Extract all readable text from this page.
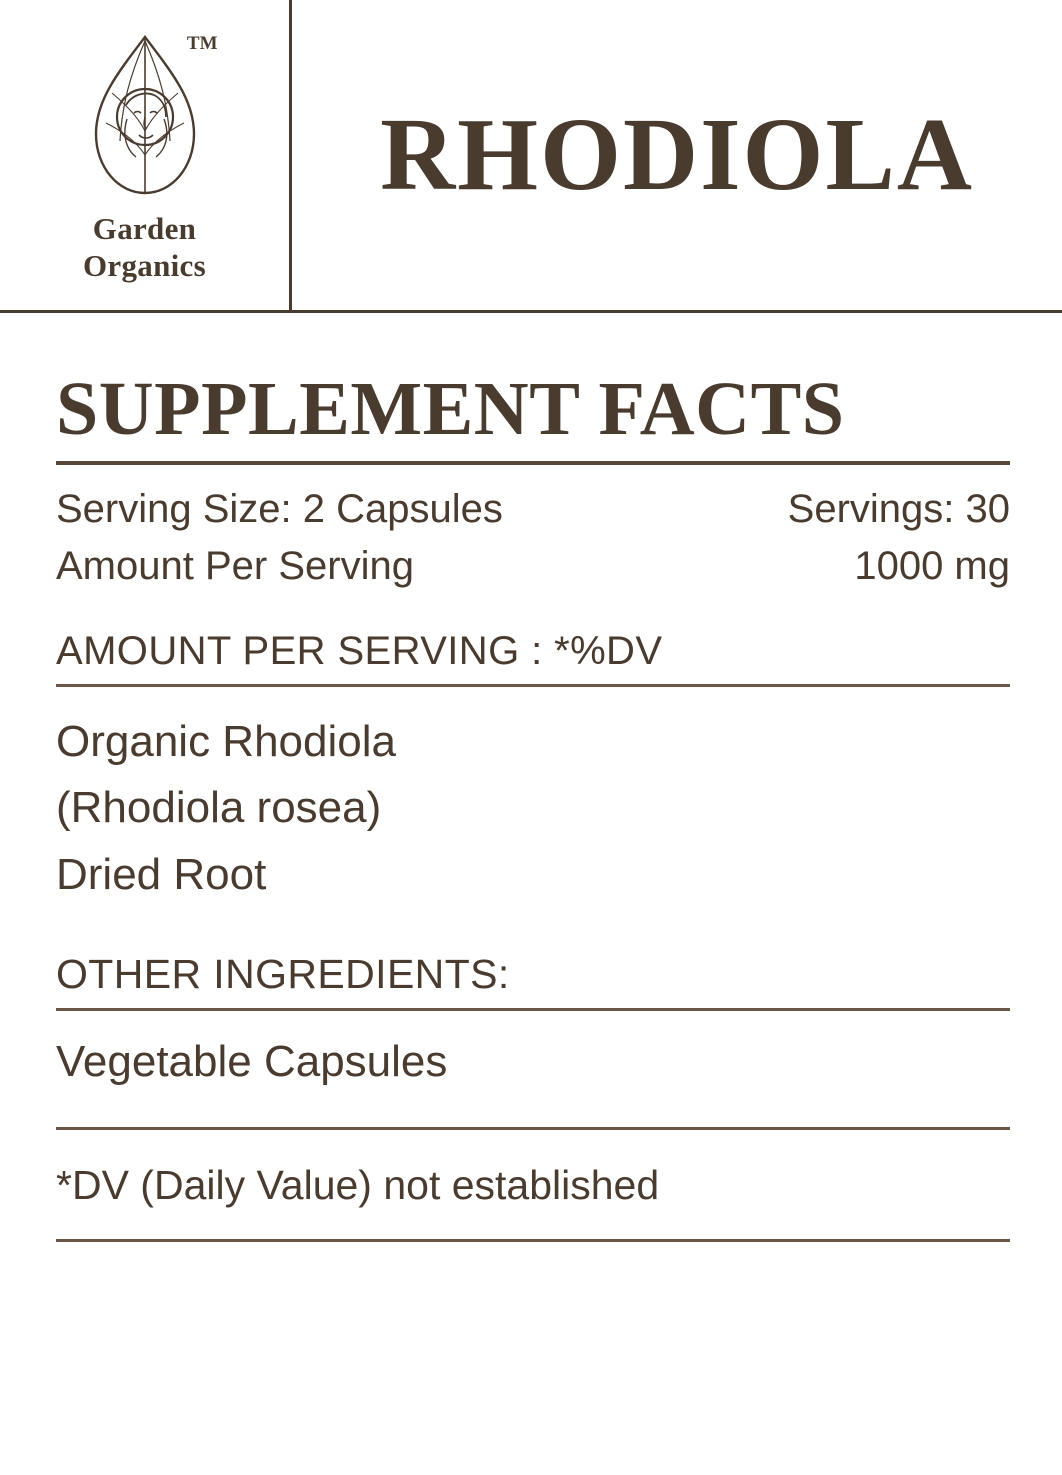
TM
Garden
Organics
RHODIOLA
SUPPLEMENT FACTS
Serving Size: 2 Capsules	Servings: 30
Amount Per Serving	1000 mg
AMOUNT PER SERVING : *%DV
Organic Rhodiola
(Rhodiola rosea)
Dried Root
OTHER INGREDIENTS:
Vegetable Capsules
*DV (Daily Value) not established
